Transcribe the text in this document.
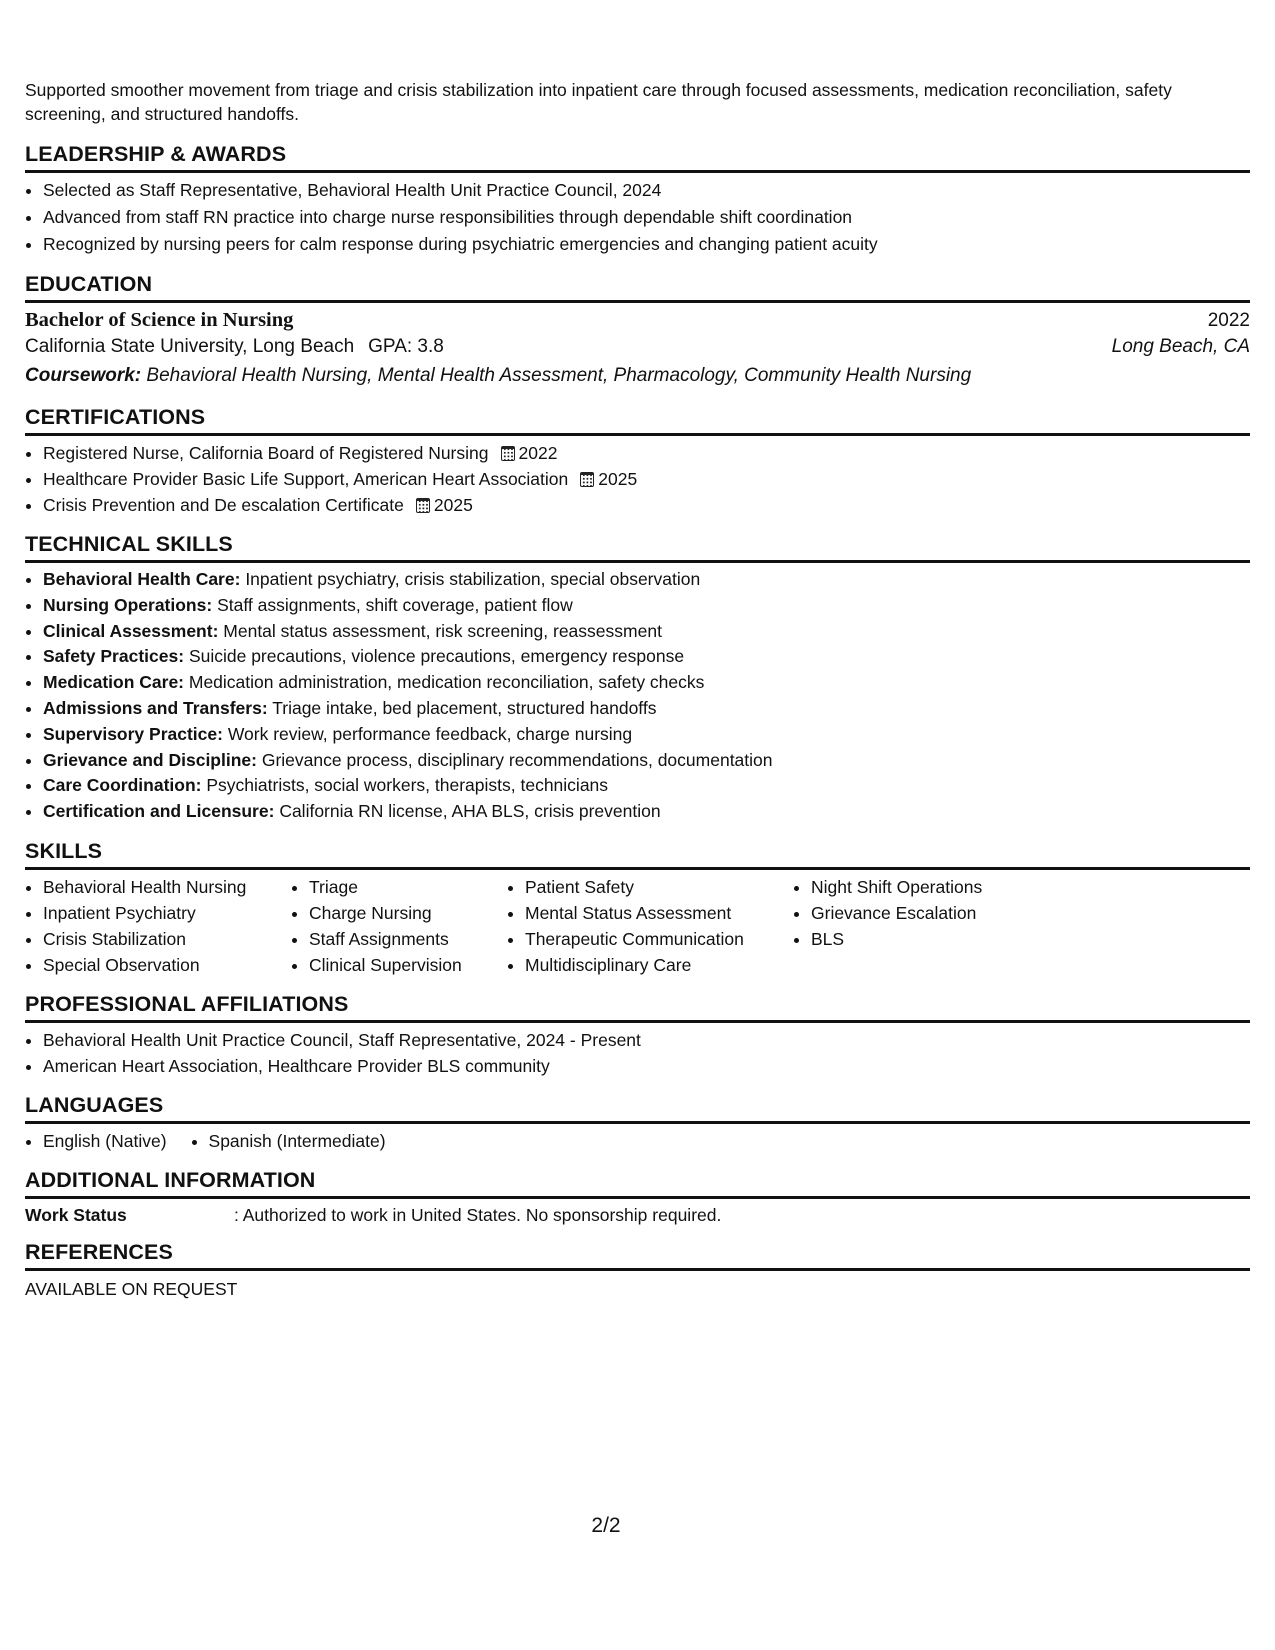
Supported smoother movement from triage and crisis stabilization into inpatient care through focused assessments, medication reconciliation, safety screening, and structured handoffs.

LEADERSHIP & AWARDS
• Selected as Staff Representative, Behavioral Health Unit Practice Council, 2024
• Advanced from staff RN practice into charge nurse responsibilities through dependable shift coordination
• Recognized by nursing peers for calm response during psychiatric emergencies and changing patient acuity
EDUCATION
Bachelor of Science in Nursing	2022
California State University, Long Beach GPA: 3.8	Long Beach, CA
Coursework: Behavioral Health Nursing, Mental Health Assessment, Pharmacology, Community Health Nursing
CERTIFICATIONS
• Registered Nurse, California Board of Registered Nursing 2022
• Healthcare Provider Basic Life Support, American Heart Association 2025
• Crisis Prevention and De escalation Certificate 2025
TECHNICAL SKILLS
• Behavioral Health Care: Inpatient psychiatry, crisis stabilization, special observation
• Nursing Operations: Staff assignments, shift coverage, patient flow
• Clinical Assessment: Mental status assessment, risk screening, reassessment
• Safety Practices: Suicide precautions, violence precautions, emergency response
• Medication Care: Medication administration, medication reconciliation, safety checks
• Admissions and Transfers: Triage intake, bed placement, structured handoffs
• Supervisory Practice: Work review, performance feedback, charge nursing
• Grievance and Discipline: Grievance process, disciplinary recommendations, documentation
• Care Coordination: Psychiatrists, social workers, therapists, technicians
• Certification and Licensure: California RN license, AHA BLS, crisis prevention
SKILLS
• Behavioral Health Nursing
• Inpatient Psychiatry
• Crisis Stabilization
• Special Observation
• Triage
• Charge Nursing
• Staff Assignments
• Clinical Supervision
• Patient Safety
• Mental Status Assessment
• Therapeutic Communication
• Multidisciplinary Care
• Night Shift Operations
• Grievance Escalation
• BLS
PROFESSIONAL AFFILIATIONS
• Behavioral Health Unit Practice Council, Staff Representative, 2024 - Present
• American Heart Association, Healthcare Provider BLS community
LANGUAGES
• English (Native)
• Spanish (Intermediate)
ADDITIONAL INFORMATION
Work Status	: Authorized to work in United States. No sponsorship required.
REFERENCES
AVAILABLE ON REQUEST
2/2
